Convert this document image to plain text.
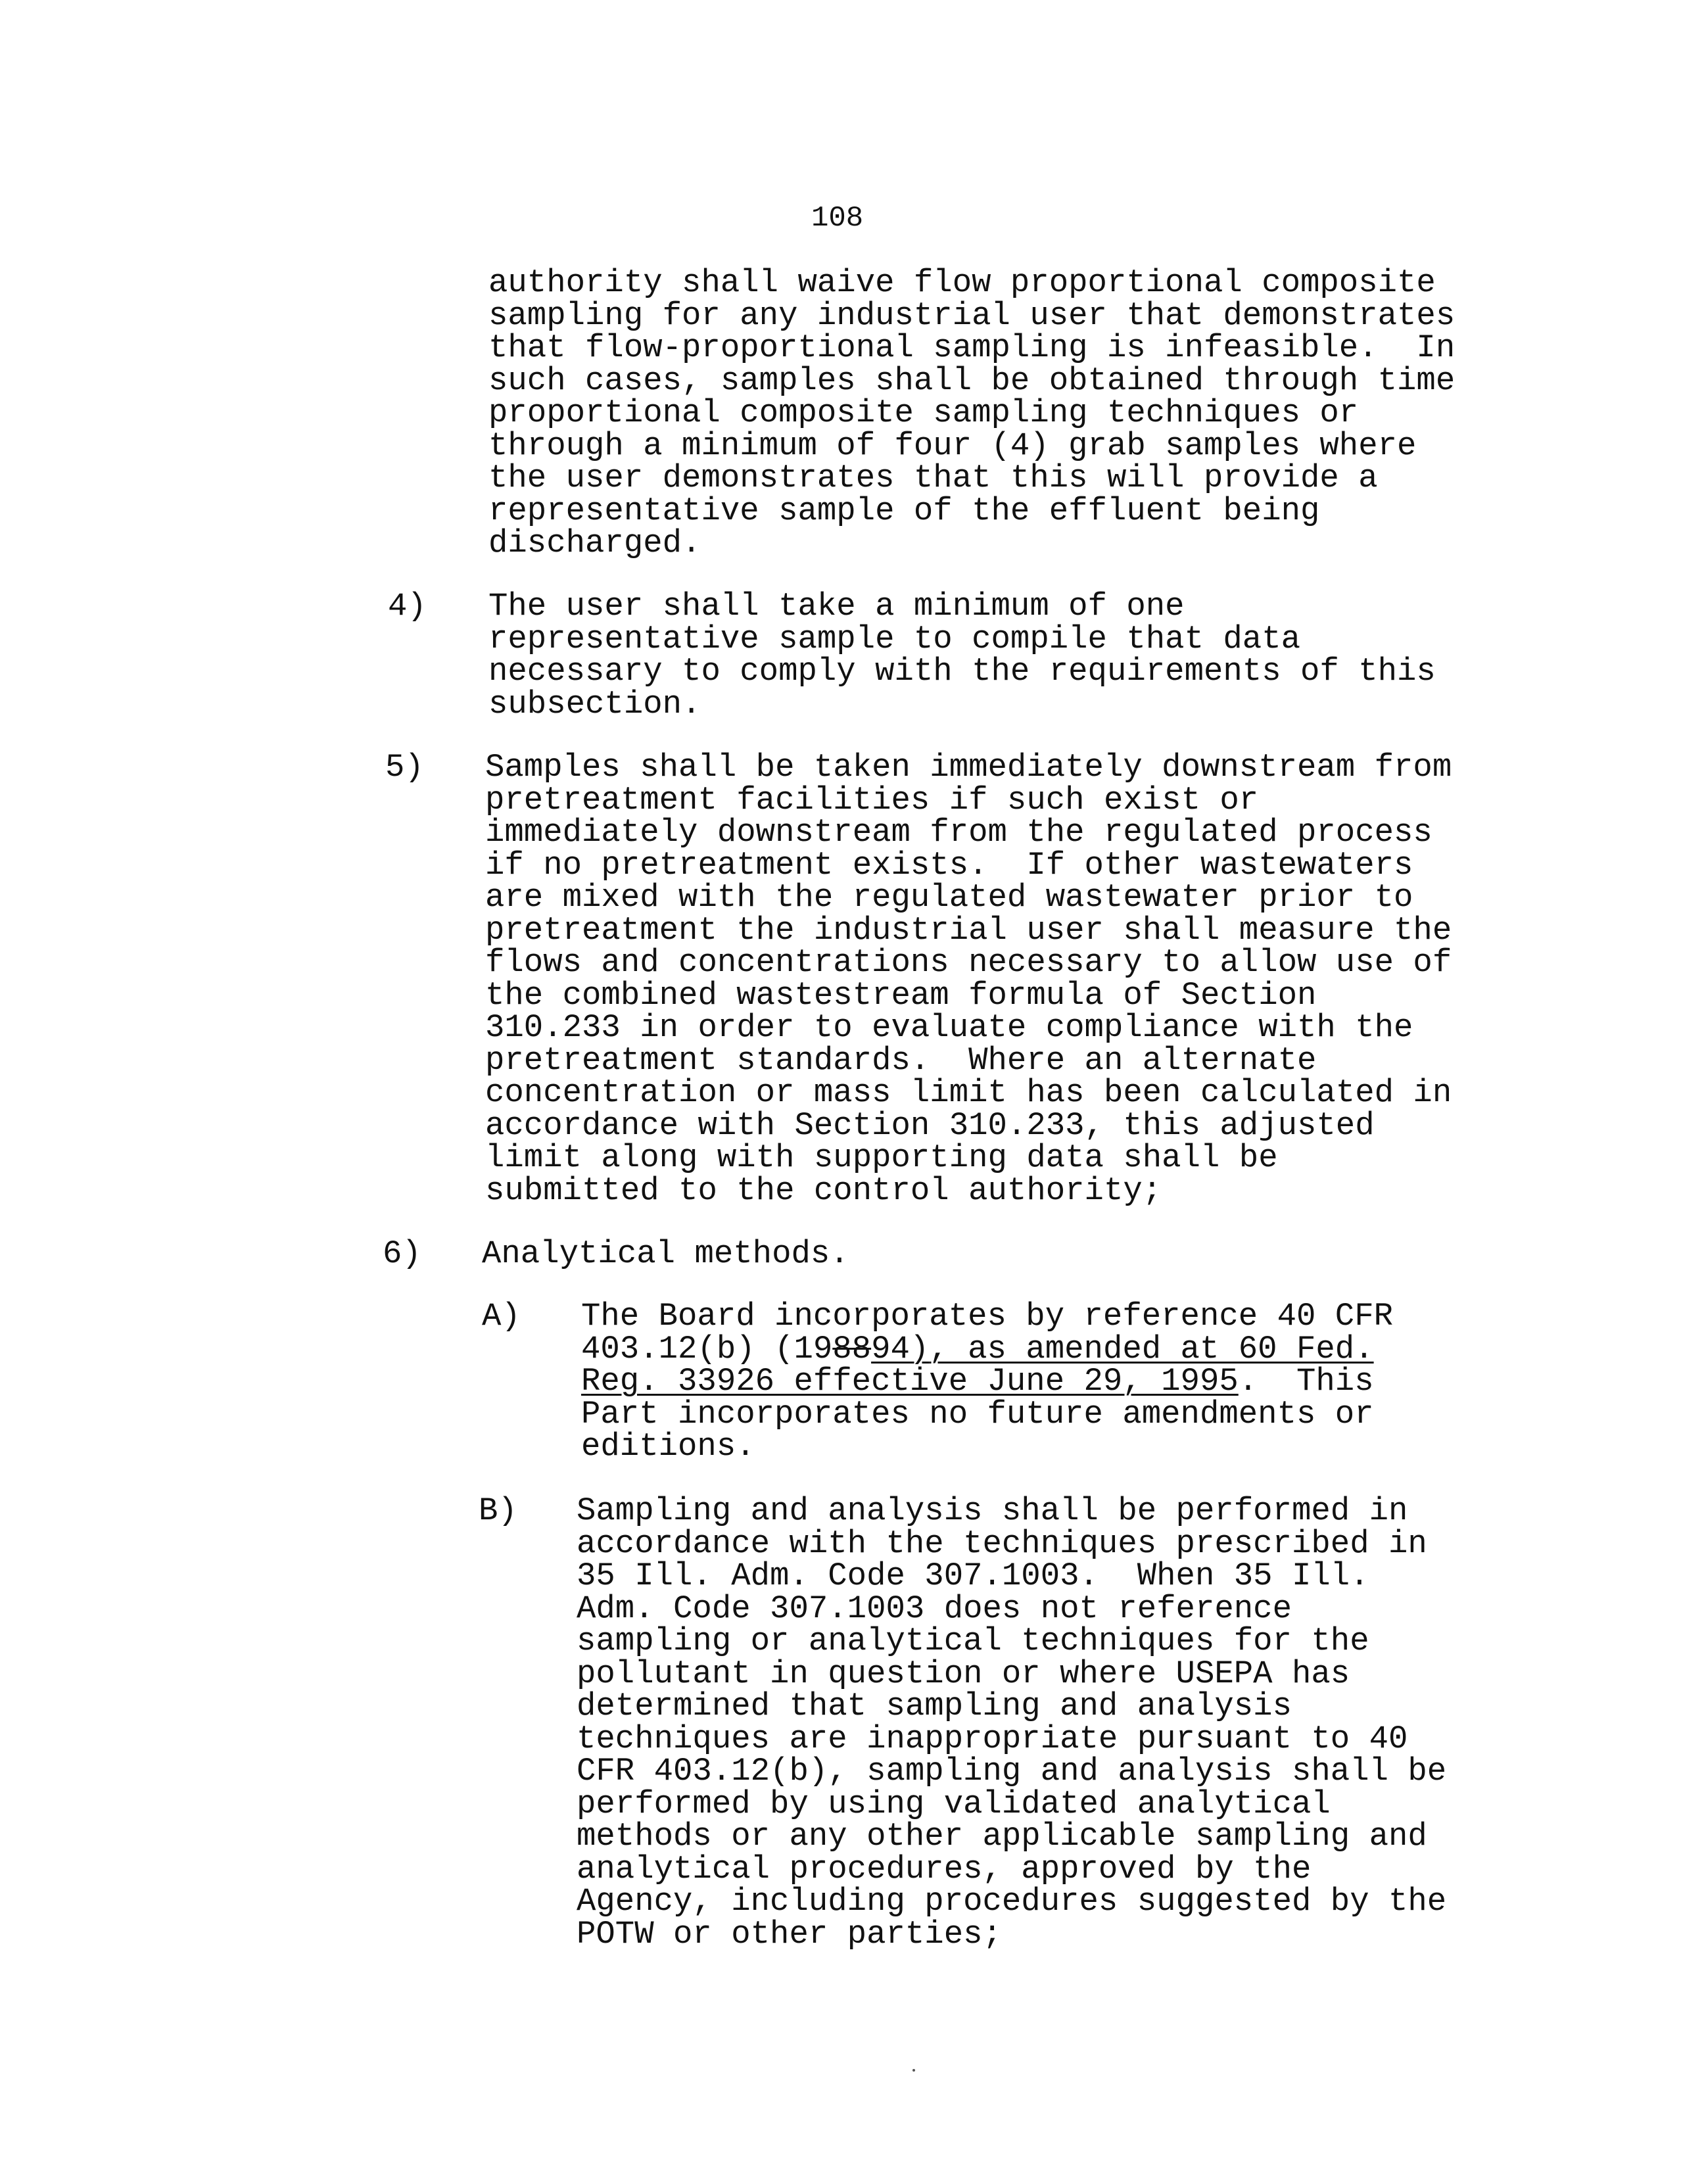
108
authority shall waive flow proportional composite
sampling for any industrial user that demonstrates
that flow-proportional sampling is infeasible.  In
such cases, samples shall be obtained through time
proportional composite sampling techniques or
through a minimum of four (4) grab samples where
the user demonstrates that this will provide a
representative sample of the effluent being
discharged.
4) The user shall take a minimum of one
representative sample to compile that data
necessary to comply with the requirements of this
subsection.
5) Samples shall be taken immediately downstream from
pretreatment facilities if such exist or
immediately downstream from the regulated process
if no pretreatment exists.  If other wastewaters
are mixed with the regulated wastewater prior to
pretreatment the industrial user shall measure the
flows and concentrations necessary to allow use of
the combined wastestream formula of Section
310.233 in order to evaluate compliance with the
pretreatment standards.  Where an alternate
concentration or mass limit has been calculated in
accordance with Section 310.233, this adjusted
limit along with supporting data shall be
submitted to the control authority;
6) Analytical methods.
A) The Board incorporates by reference 40 CFR
403.12(b) (198894), as amended at 60 Fed.
Reg. 33926 effective June 29, 1995.  This
Part incorporates no future amendments or
editions.
B) Sampling and analysis shall be performed in
accordance with the techniques prescribed in
35 Ill. Adm. Code 307.1003.  When 35 Ill.
Adm. Code 307.1003 does not reference
sampling or analytical techniques for the
pollutant in question or where USEPA has
determined that sampling and analysis
techniques are inappropriate pursuant to 40
CFR 403.12(b), sampling and analysis shall be
performed by using validated analytical
methods or any other applicable sampling and
analytical procedures, approved by the
Agency, including procedures suggested by the
POTW or other parties;
